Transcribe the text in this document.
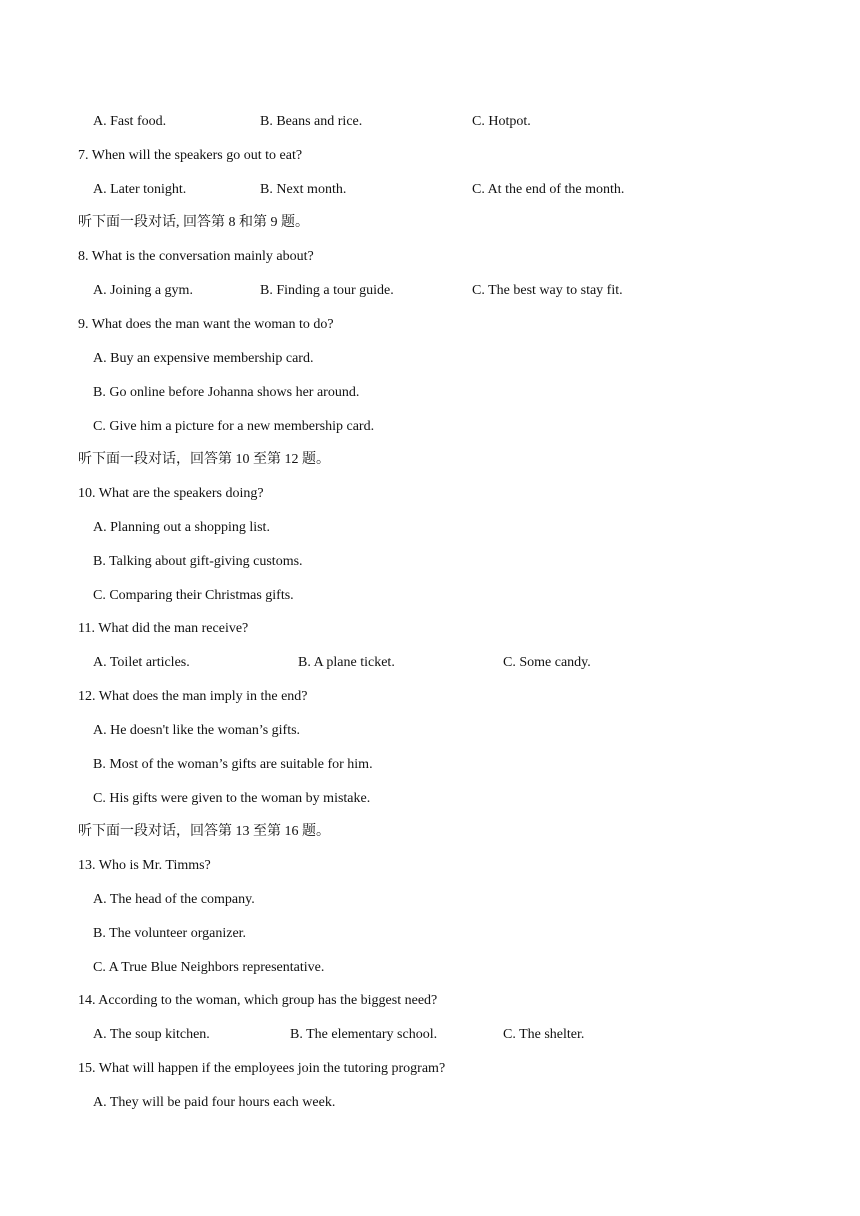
A. Fast food.	B. Beans and rice.	C. Hotpot.
7. When will the speakers go out to eat?
A. Later tonight.	B. Next month.	C. At the end of the month.
听下面一段对话, 回答第 8 和第 9 题。
8. What is the conversation mainly about?
A. Joining a gym.	B. Finding a tour guide.	C. The best way to stay fit.
9. What does the man want the woman to do?
A. Buy an expensive membership card.
B. Go online before Johanna shows her around.
C. Give him a picture for a new membership card.
听下面一段对话，回答第 10 至第 12 题。
10. What are the speakers doing?
A. Planning out a shopping list.
B. Talking about gift-giving customs.
C. Comparing their Christmas gifts.
11. What did the man receive?
A. Toilet articles.	B. A plane ticket.	C. Some candy.
12. What does the man imply in the end?
A. He doesn't like the woman’s gifts.
B. Most of the woman’s gifts are suitable for him.
C. His gifts were given to the woman by mistake.
听下面一段对话，回答第 13 至第 16 题。
13. Who is Mr. Timms?
A. The head of the company.
B. The volunteer organizer.
C. A True Blue Neighbors representative.
14. According to the woman, which group has the biggest need?
A. The soup kitchen.	B. The elementary school.	C. The shelter.
15. What will happen if the employees join the tutoring program?
A. They will be paid four hours each week.
